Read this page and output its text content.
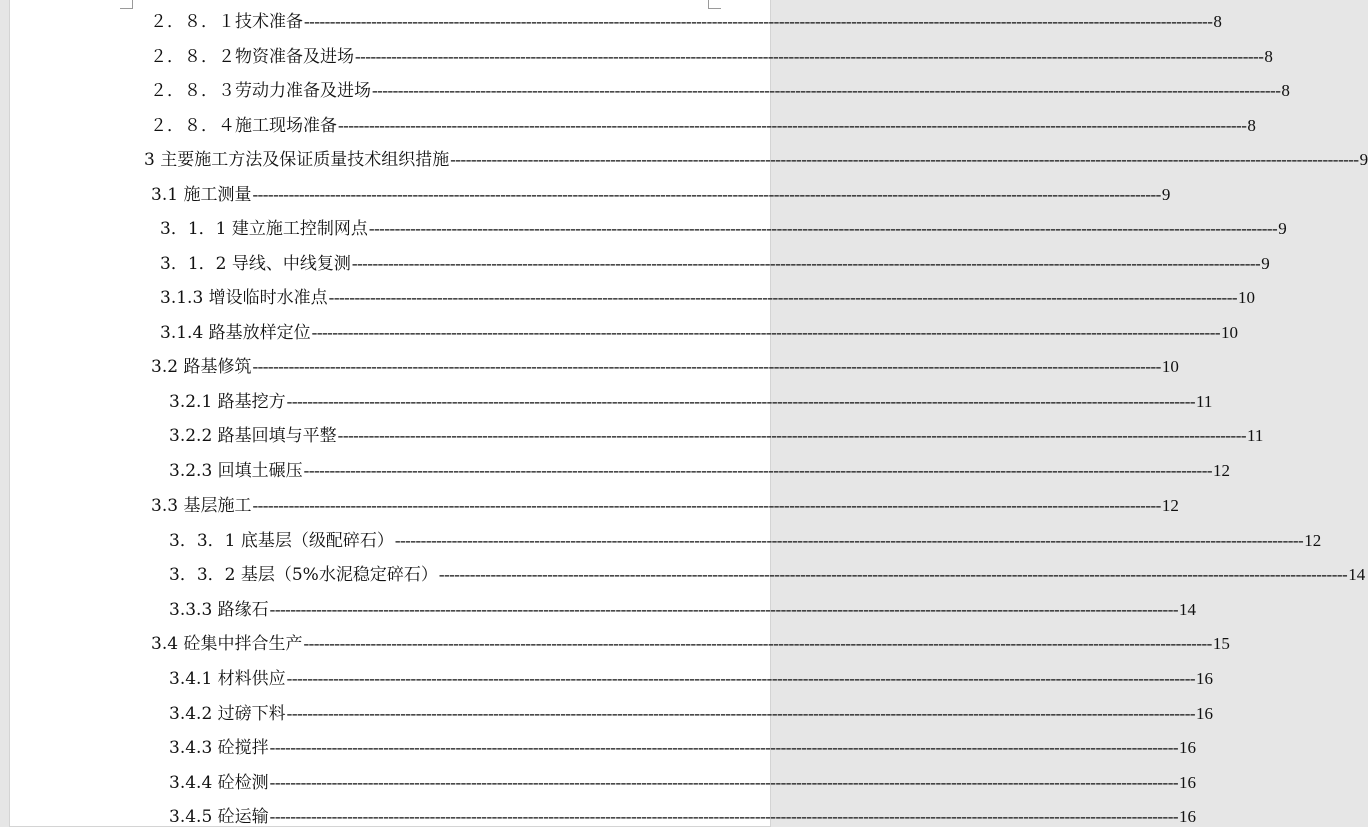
２．８．１技术准备 -------------------------------------------------------------------------------------------------------------------------------------------------------------------------------- 8
２．８．２物资准备及进场 -------------------------------------------------------------------------------------------------------------------------------------------------------------------------------- 8
２．８．３劳动力准备及进场 -------------------------------------------------------------------------------------------------------------------------------------------------------------------------------- 8
２．８．４施工现场准备 -------------------------------------------------------------------------------------------------------------------------------------------------------------------------------- 8
3 主要施工方法及保证质量技术组织措施 -------------------------------------------------------------------------------------------------------------------------------------------------------------------------------- 9
3.1 施工测量 -------------------------------------------------------------------------------------------------------------------------------------------------------------------------------- 9
3．1．1 建立施工控制网点 -------------------------------------------------------------------------------------------------------------------------------------------------------------------------------- 9
3．1．2 导线、中线复测 -------------------------------------------------------------------------------------------------------------------------------------------------------------------------------- 9
3.1.3 增设临时水准点 -------------------------------------------------------------------------------------------------------------------------------------------------------------------------------- 10
3.1.4 路基放样定位 -------------------------------------------------------------------------------------------------------------------------------------------------------------------------------- 10
3.2 路基修筑 -------------------------------------------------------------------------------------------------------------------------------------------------------------------------------- 10
3.2.1 路基挖方 -------------------------------------------------------------------------------------------------------------------------------------------------------------------------------- 11
3.2.2 路基回填与平整 -------------------------------------------------------------------------------------------------------------------------------------------------------------------------------- 11
3.2.3 回填土碾压 -------------------------------------------------------------------------------------------------------------------------------------------------------------------------------- 12
3.3 基层施工 -------------------------------------------------------------------------------------------------------------------------------------------------------------------------------- 12
3．3．1 底基层（级配碎石） -------------------------------------------------------------------------------------------------------------------------------------------------------------------------------- 12
3．3．2 基层（5%水泥稳定碎石） -------------------------------------------------------------------------------------------------------------------------------------------------------------------------------- 14
3.3.3 路缘石 -------------------------------------------------------------------------------------------------------------------------------------------------------------------------------- 14
3.4 砼集中拌合生产 -------------------------------------------------------------------------------------------------------------------------------------------------------------------------------- 15
3.4.1 材料供应 -------------------------------------------------------------------------------------------------------------------------------------------------------------------------------- 16
3.4.2 过磅下料 -------------------------------------------------------------------------------------------------------------------------------------------------------------------------------- 16
3.4.3 砼搅拌 -------------------------------------------------------------------------------------------------------------------------------------------------------------------------------- 16
3.4.4 砼检测 -------------------------------------------------------------------------------------------------------------------------------------------------------------------------------- 16
3.4.5 砼运输 -------------------------------------------------------------------------------------------------------------------------------------------------------------------------------- 16
